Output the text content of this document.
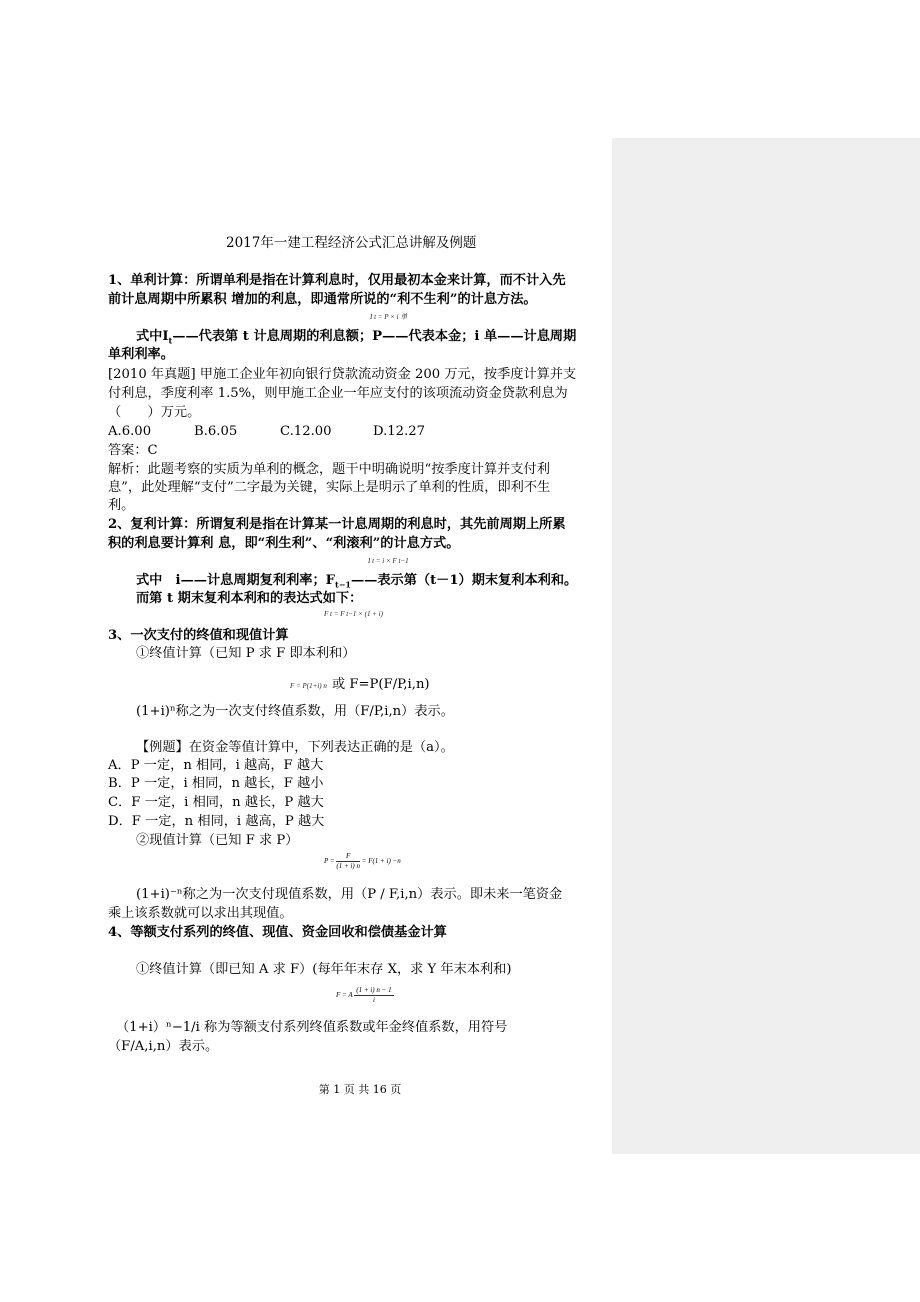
2017年一建工程经济公式汇总讲解及例题
1、单利计算：所谓单利是指在计算利息时，仅用最初本金来计算，而不计入先
前计息周期中所累积 增加的利息，即通常所说的“利不生利”的计息方法。
I t = P × i 单
式中$I_t——$代表第 t 计息周期的利息额；P——代表本金；i 单——计息周期
单利利率。
[2010 年真题] 甲施工企业年初向银行贷款流动资金 200 万元，按季度计算并支
付利息，季度利率 1.5%，则甲施工企业一年应支付的该项流动资金贷款利息为
（　　）万元。
A.6.00	B.6.05	C.12.00	D.12.27
答案：C
解析：此题考察的实质为单利的概念，题干中明确说明“按季度计算并支付利
息”，此处理解“支付”二字最为关键，实际上是明示了单利的性质，即利不生
利。
2、复利计算：所谓复利是指在计算某一计息周期的利息时，其先前周期上所累
积的利息要计算利 息，即“利生利”、“利滚利”的计息方式。
I t = i × F t−1
式中　i——计息周期复利利率；$F_{t-1}——$表示第（t－1）期末复利本利和。
而第 t 期末复利本利和的表达式如下：
F t = F t−1 × (1 + i)
3、一次支付的终值和现值计算
①终值计算（已知 P 求 F 即本利和）
F = P(1+i) n 或 F=P(F/P,i,n)
(1+i)ⁿ称之为一次支付终值系数，用（F/P,i,n）表示。
【例题】在资金等值计算中，下列表达正确的是（a）。
A．P 一定，n 相同，i 越高，F 越大
B．P 一定，i 相同，n 越长，F 越小
C．F 一定，i 相同，n 越长，P 越大
D．F 一定，n 相同，i 越高，P 越大
②现值计算（已知 F 求 P）
$P = \frac{F}{(1 + i) n} = F(1 + i) -n$
(1+i)⁻ⁿ称之为一次支付现值系数，用（P / F,i,n）表示。即未来一笔资金
乘上该系数就可以求出其现值。
4、等额支付系列的终值、现值、资金回收和偿债基金计算
①终值计算（即已知 A 求 F）(每年年末存 X，求 Y 年末本利和)
F = A $\frac{(1 + i) n - 1}{i}$
（1+i）ⁿ−1/i 称为等额支付系列终值系数或年金终值系数，用符号
（F/A,i,n）表示。
第 1 页 共 16 页
